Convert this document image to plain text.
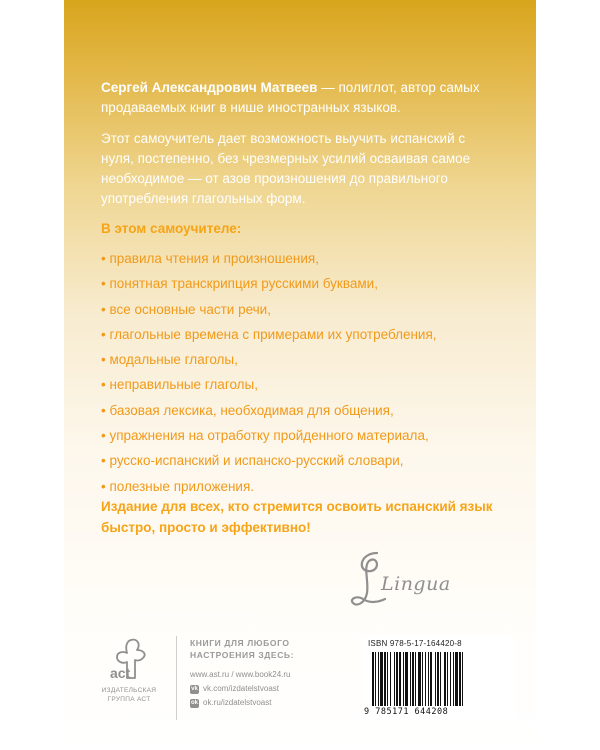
Сергей Александрович Матвеев — полиглот, автор самых продаваемых книг в нише иностранных языков.
Этот самоучитель дает возможность выучить испанский с нуля, постепенно, без чрезмерных усилий осваивая самое необходимое — от азов произношения до правильного употребления глагольных форм.
В этом самоучителе:
• правила чтения и произношения,
• понятная транскрипция русскими буквами,
• все основные части речи,
• глагольные времена с примерами их употребления,
• модальные глаголы,
• неправильные глаголы,
• базовая лексика, необходимая для общения,
• упражнения на отработку пройденного материала,
• русско-испанский и испанско-русский словари,
• полезные приложения.
Издание для всех, кто стремится освоить испанский язык быстро, просто и эффективно!
Lingua
act
ИЗДАТЕЛЬСКАЯ
ГРУППА АСТ
КНИГИ ДЛЯ ЛЮБОГО
НАСТРОЕНИЯ ЗДЕСЬ:
www.ast.ru / www.book24.ru
vk vk.com/izdatelstvoast
ok ok.ru/izdatelstvoast
ISBN 978-5-17-164420-8
9 785171 644208
